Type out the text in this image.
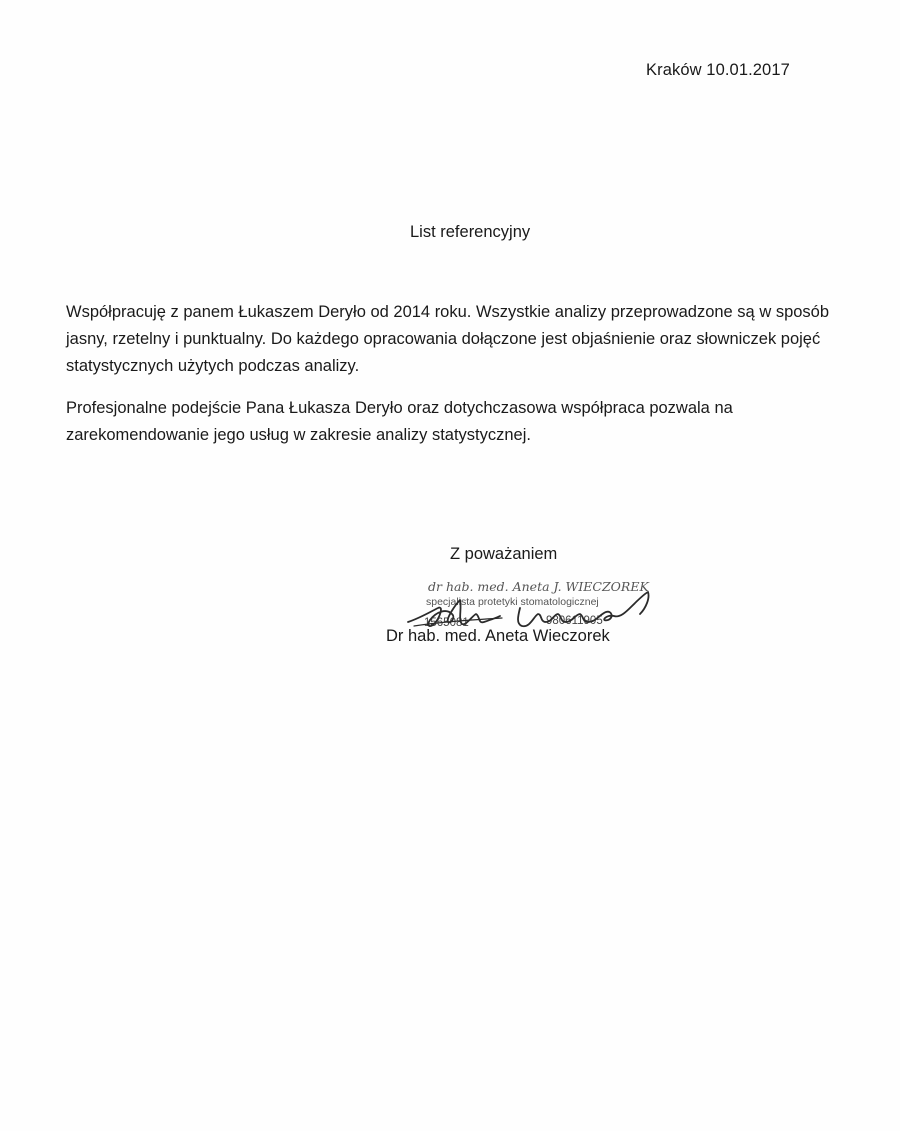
Kraków 10.01.2017
List referencyjny
Współpracuję z panem Łukaszem Deryło od 2014 roku. Wszystkie analizy przeprowadzone są w sposób jasny, rzetelny i punktualny. Do każdego opracowania dołączone jest objaśnienie oraz słowniczek pojęć statystycznych użytych podczas analizy.
Profesjonalne podejście Pana Łukasza Deryło oraz dotychczasowa współpraca pozwala na zarekomendowanie jego usług w zakresie analizy statystycznej.
Z poważaniem
dr hab. med. Aneta J. WIECZOREK
specjalista protetyki stomatologicznej
1565081	980611905
Dr hab. med. Aneta Wieczorek
